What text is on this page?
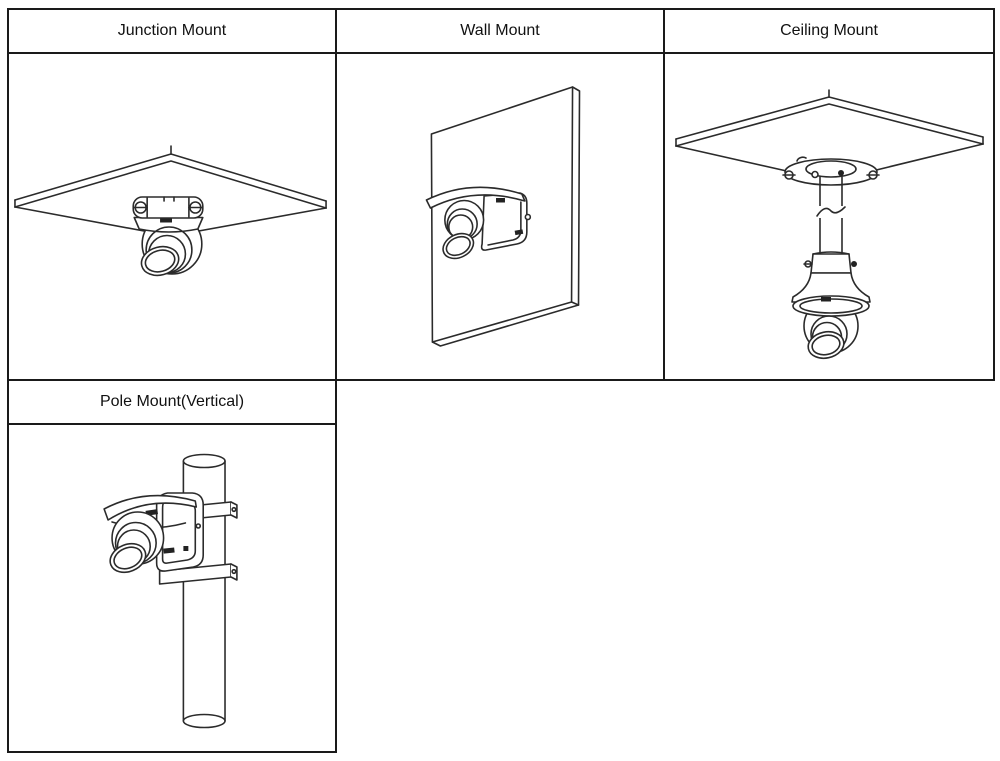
Junction Mount	Wall Mount	Ceiling Mount
Pole Mount(Vertical)
